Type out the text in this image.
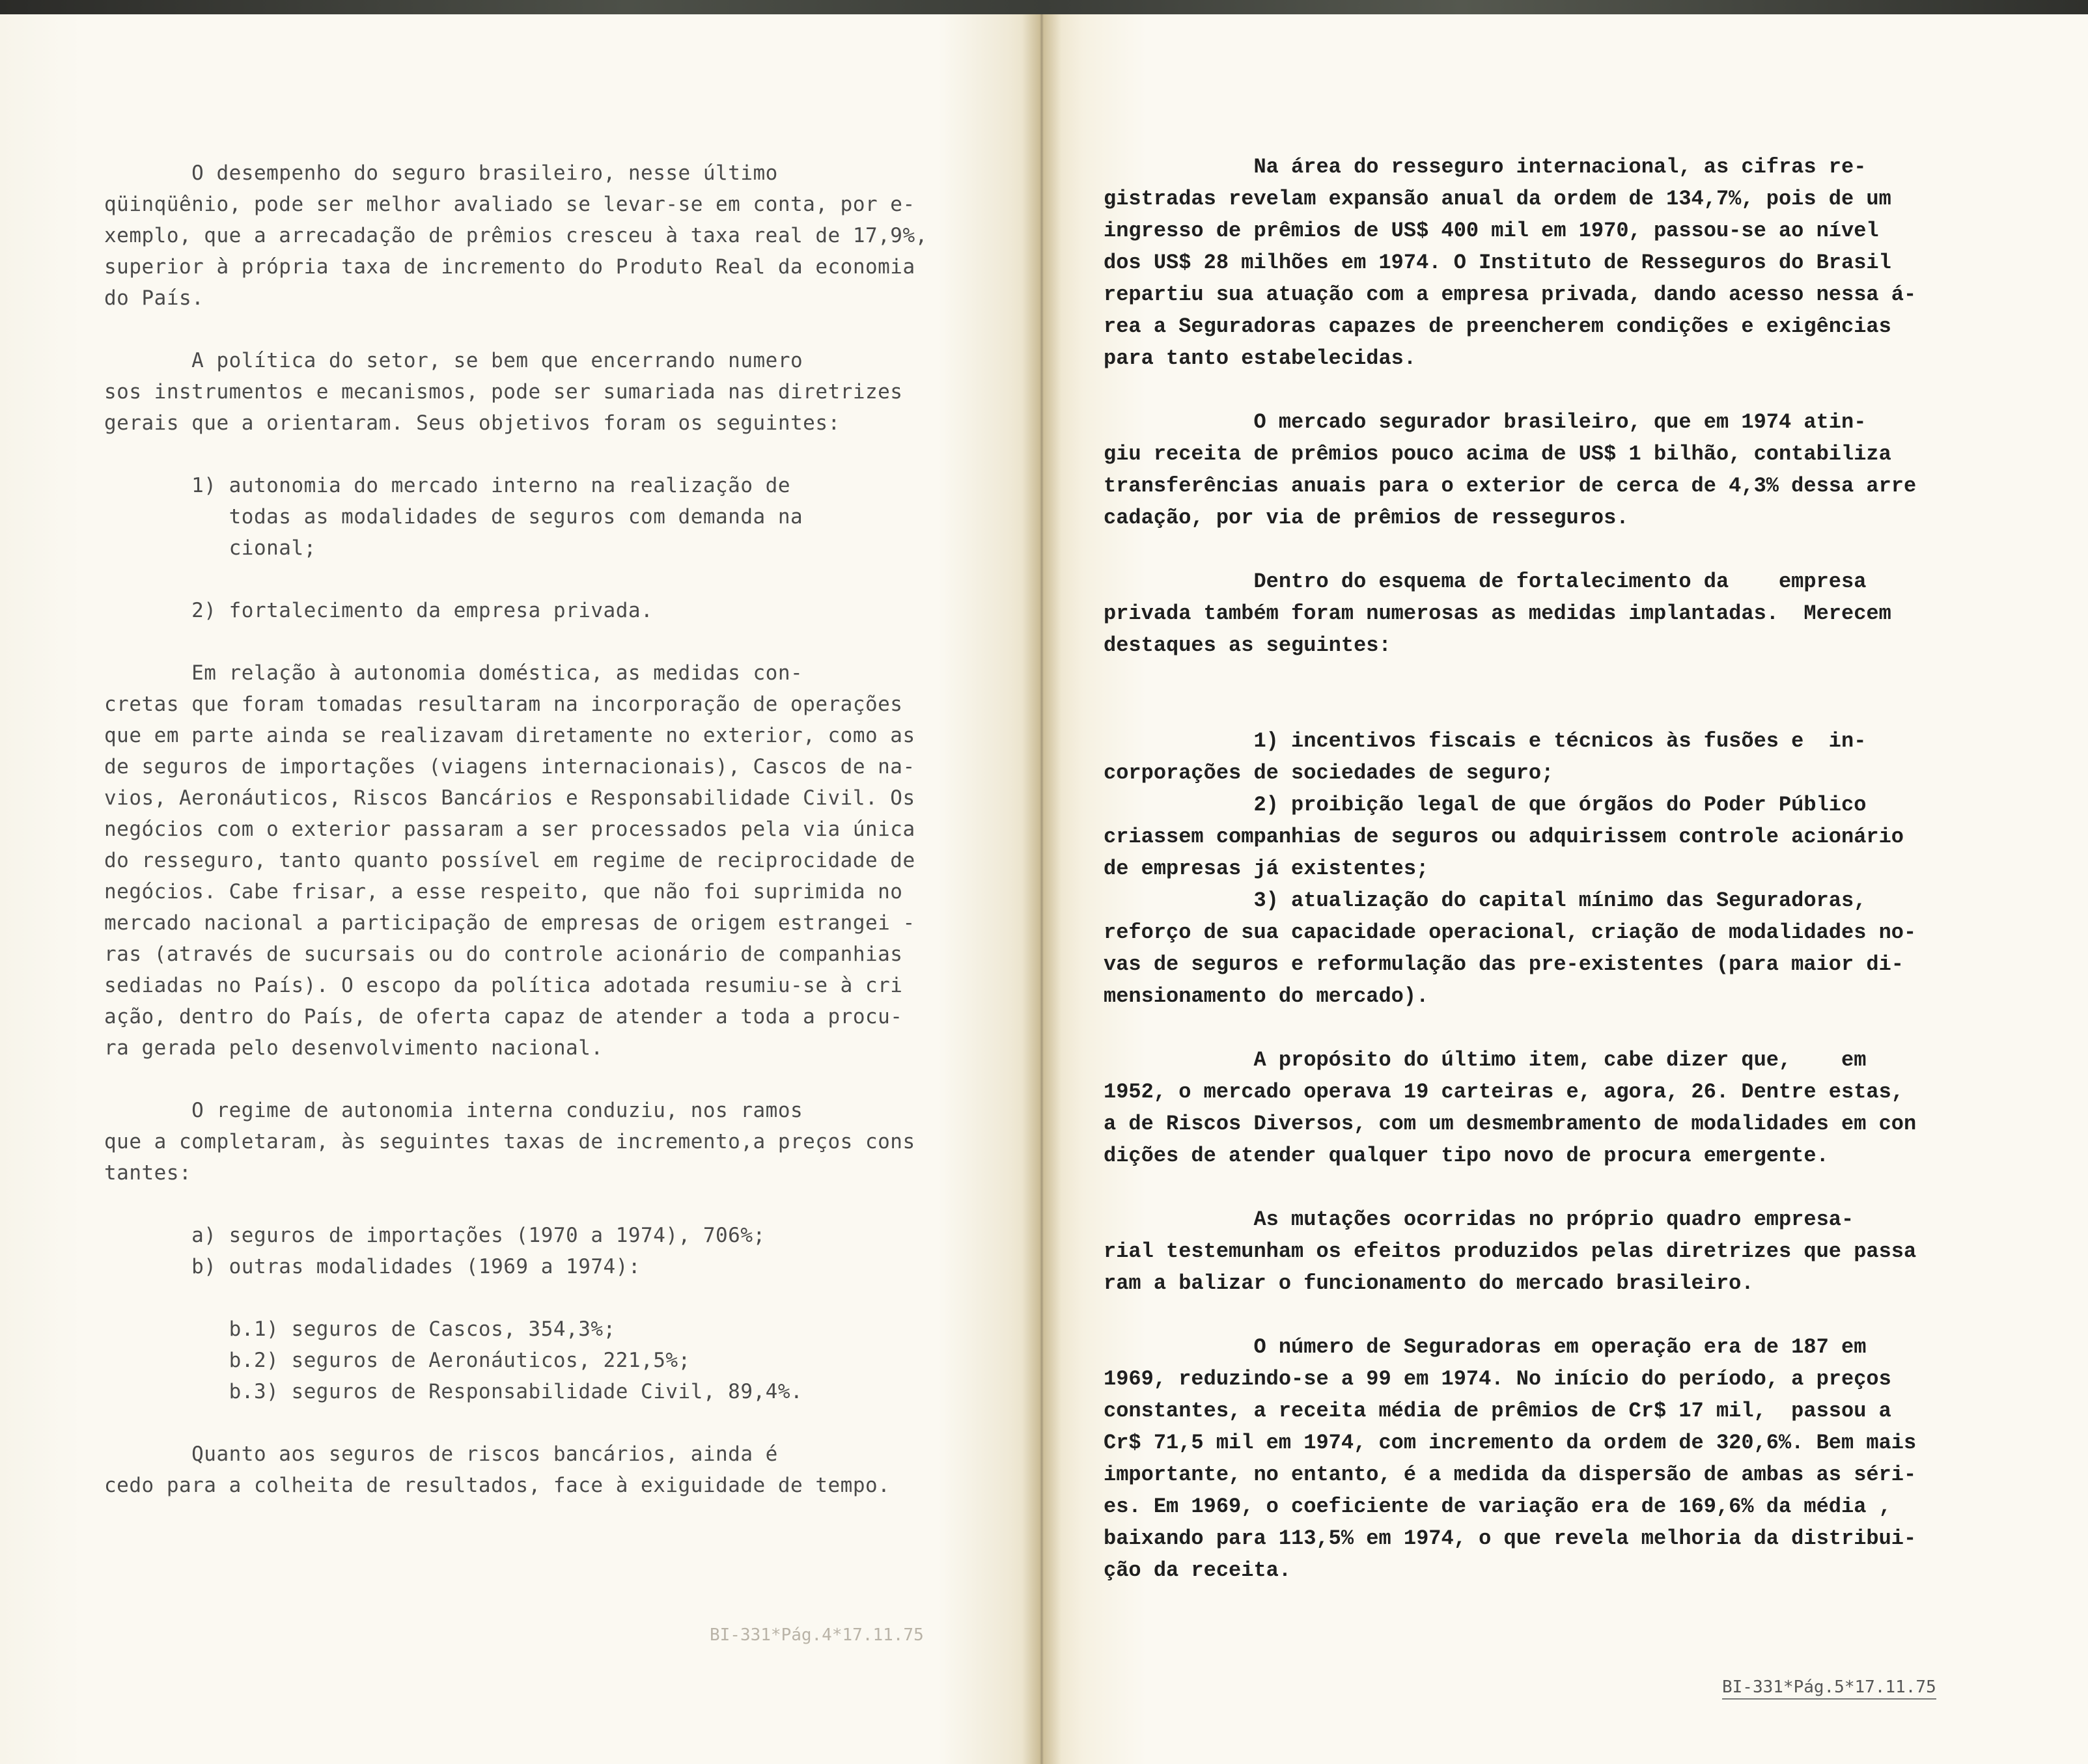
O desempenho do seguro brasileiro, nesse último
qüinqüênio, pode ser melhor avaliado se levar-se em conta, por e-
xemplo, que a arrecadação de prêmios cresceu à taxa real de 17,9%,
superior à própria taxa de incremento do Produto Real da economia
do País.

A política do setor, se bem que encerrando numero
sos instrumentos e mecanismos, pode ser sumariada nas diretrizes
gerais que a orientaram. Seus objetivos foram os seguintes:

1) autonomia do mercado interno na realização de
todas as modalidades de seguros com demanda na
cional;

2) fortalecimento da empresa privada.

Em relação à autonomia doméstica, as medidas con-
cretas que foram tomadas resultaram na incorporação de operações
que em parte ainda se realizavam diretamente no exterior, como as
de seguros de importações (viagens internacionais), Cascos de na-
vios, Aeronáuticos, Riscos Bancários e Responsabilidade Civil. Os
negócios com o exterior passaram a ser processados pela via única
do resseguro, tanto quanto possível em regime de reciprocidade de
negócios. Cabe frisar, a esse respeito, que não foi suprimida no
mercado nacional a participação de empresas de origem estrangei -
ras (através de sucursais ou do controle acionário de companhias
sediadas no País). O escopo da política adotada resumiu-se à cri
ação, dentro do País, de oferta capaz de atender a toda a procu-
ra gerada pelo desenvolvimento nacional.

O regime de autonomia interna conduziu, nos ramos
que a completaram, às seguintes taxas de incremento,a preços cons
tantes:

a) seguros de importações (1970 a 1974), 706%;
b) outras modalidades (1969 a 1974):

b.1) seguros de Cascos, 354,3%;
b.2) seguros de Aeronáuticos, 221,5%;
b.3) seguros de Responsabilidade Civil, 89,4%.

Quanto aos seguros de riscos bancários, ainda é
cedo para a colheita de resultados, face à exiguidade de tempo.
BI-331*Pág.4*17.11.75
Na área do resseguro internacional, as cifras re-
gistradas revelam expansão anual da ordem de 134,7%, pois de um
ingresso de prêmios de US$ 400 mil em 1970, passou-se ao nível
dos US$ 28 milhões em 1974. O Instituto de Resseguros do Brasil
repartiu sua atuação com a empresa privada, dando acesso nessa á-
rea a Seguradoras capazes de preencherem condições e exigências
para tanto estabelecidas.

O mercado segurador brasileiro, que em 1974 atin-
giu receita de prêmios pouco acima de US$ 1 bilhão, contabiliza
transferências anuais para o exterior de cerca de 4,3% dessa arre
cadação, por via de prêmios de resseguros.

Dentro do esquema de fortalecimento da    empresa
privada também foram numerosas as medidas implantadas.  Merecem
destaques as seguintes:

1) incentivos fiscais e técnicos às fusões e  in-
corporações de sociedades de seguro;
2) proibição legal de que órgãos do Poder Público
criassem companhias de seguros ou adquirissem controle acionário
de empresas já existentes;
3) atualização do capital mínimo das Seguradoras,
reforço de sua capacidade operacional, criação de modalidades no-
vas de seguros e reformulação das pre-existentes (para maior di-
mensionamento do mercado).

A propósito do último item, cabe dizer que,    em
1952, o mercado operava 19 carteiras e, agora, 26. Dentre estas,
a de Riscos Diversos, com um desmembramento de modalidades em con
dições de atender qualquer tipo novo de procura emergente.

As mutações ocorridas no próprio quadro empresa-
rial testemunham os efeitos produzidos pelas diretrizes que passa
ram a balizar o funcionamento do mercado brasileiro.

O número de Seguradoras em operação era de 187 em
1969, reduzindo-se a 99 em 1974. No início do período, a preços
constantes, a receita média de prêmios de Cr$ 17 mil,  passou a
Cr$ 71,5 mil em 1974, com incremento da ordem de 320,6%. Bem mais
importante, no entanto, é a medida da dispersão de ambas as séri-
es. Em 1969, o coeficiente de variação era de 169,6% da média ,
baixando para 113,5% em 1974, o que revela melhoria da distribui-
ção da receita.
BI-331*Pág.5*17.11.75
